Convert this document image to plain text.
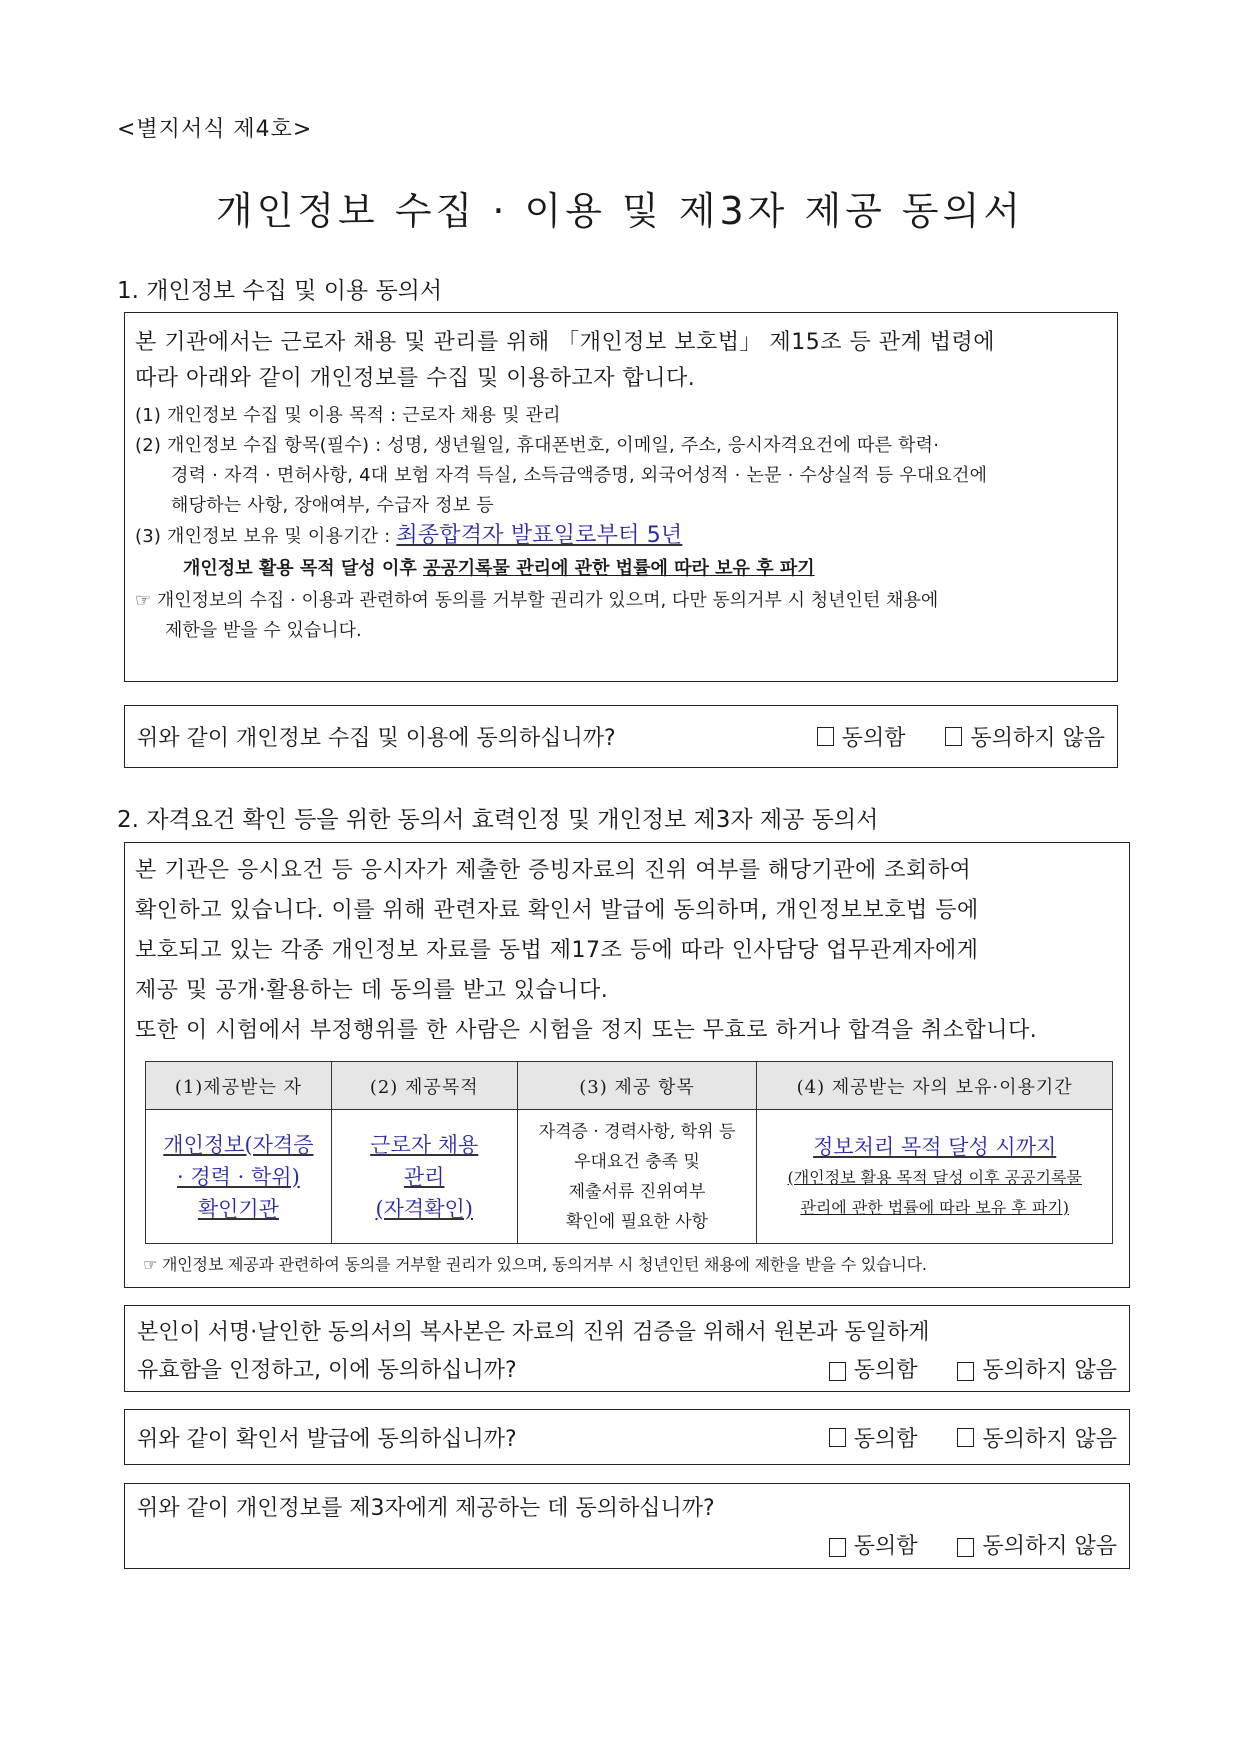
<별지서식 제4호>
개인정보 수집 · 이용 및 제3자 제공 동의서
1. 개인정보 수집 및 이용 동의서
본 기관에서는 근로자 채용 및 관리를 위해 「개인정보 보호법」 제15조 등 관계 법령에
따라 아래와 같이 개인정보를 수집 및 이용하고자 합니다.
(1) 개인정보 수집 및 이용 목적 : 근로자 채용 및 관리
(2) 개인정보 수집 항목(필수) : 성명, 생년월일, 휴대폰번호, 이메일, 주소, 응시자격요건에 따른 학력·
경력 · 자격 · 면허사항, 4대 보험 자격 득실, 소득금액증명, 외국어성적 · 논문 · 수상실적 등 우대요건에
해당하는 사항, 장애여부, 수급자 정보 등
(3) 개인정보 보유 및 이용기간 : 최종합격자 발표일로부터 5년
개인정보 활용 목적 달성 이후 공공기록물 관리에 관한 법률에 따라 보유 후 파기
☞ 개인정보의 수집 · 이용과 관련하여 동의를 거부할 권리가 있으며, 다만 동의거부 시 청년인턴 채용에
제한을 받을 수 있습니다.
위와 같이 개인정보 수집 및 이용에 동의하십니까?	동의함	동의하지 않음
2. 자격요건 확인 등을 위한 동의서 효력인정 및 개인정보 제3자 제공 동의서
본 기관은 응시요건 등 응시자가 제출한 증빙자료의 진위 여부를 해당기관에 조회하여
확인하고 있습니다. 이를 위해 관련자료 확인서 발급에 동의하며, 개인정보보호법 등에
보호되고 있는 각종 개인정보 자료를 동법 제17조 등에 따라 인사담당 업무관계자에게
제공 및 공개·활용하는 데 동의를 받고 있습니다.
또한 이 시험에서 부정행위를 한 사람은 시험을 정지 또는 무효로 하거나 합격을 취소합니다.
(1)제공받는 자	(2) 제공목적	(3) 제공 항목	(4) 제공받는 자의 보유·이용기간

개인정보(자격증
· 경력 · 학위)
확인기관

근로자 채용
관리
(자격확인)

자격증 · 경력사항, 학위 등
우대요건 충족 및
제출서류 진위여부
확인에 필요한 사항

정보처리 목적 달성 시까지
(개인정보 활용 목적 달성 이후 공공기록물
관리에 관한 법률에 따라 보유 후 파기)
☞ 개인정보 제공과 관련하여 동의를 거부할 권리가 있으며, 동의거부 시 청년인턴 채용에 제한을 받을 수 있습니다.
본인이 서명·날인한 동의서의 복사본은 자료의 진위 검증을 위해서 원본과 동일하게
유효함을 인정하고, 이에 동의하십니까?	동의함	동의하지 않음
위와 같이 확인서 발급에 동의하십니까?	동의함	동의하지 않음
위와 같이 개인정보를 제3자에게 제공하는 데 동의하십니까?
동의함	동의하지 않음
